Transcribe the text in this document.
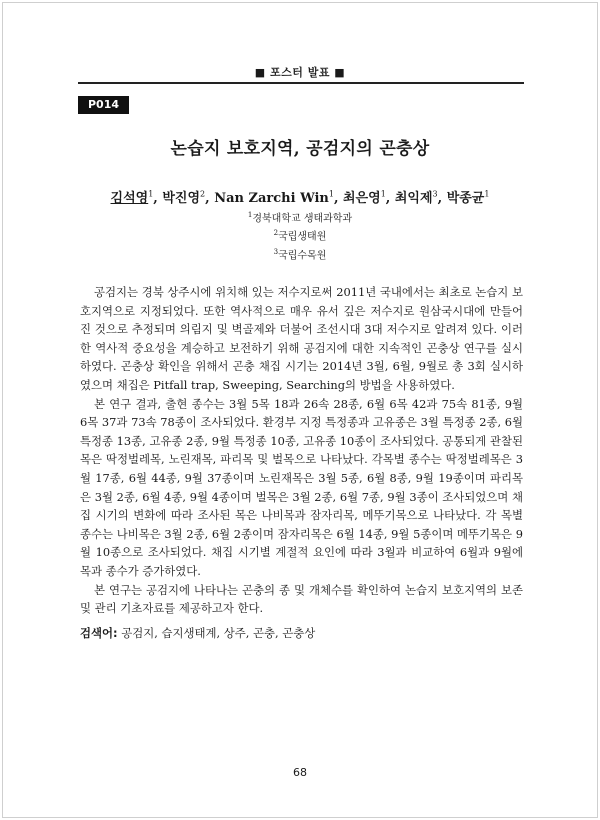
■ 포스터 발표 ■
P014
논습지 보호지역, 공검지의 곤충상
김석영$^1$, 박진영$^2$, Nan Zarchi Win$^1$, 최은영$^1$, 최익제$^3$, 박종균$^1$
$^1$경북대학교 생태과학과
$^2$국립생태원
$^3$국립수목원

공검지는 경북 상주시에 위치해 있는 저수지로써 2011년 국내에서는 최초로 논습지 보호지역으로 지정되었다. 또한 역사적으로 매우 유서 깊은 저수지로 원삼국시대에 만들어진 것으로 추정되며 의림지 및 벽골제와 더불어 조선시대 3대 저수지로 알려져 있다. 이러한 역사적 중요성을 계승하고 보전하기 위해 공검지에 대한 지속적인 곤충상 연구를 실시하였다. 곤충상 확인을 위해서 곤충 채집 시기는 2014년 3월, 6월, 9월로 총 3회 실시하였으며 채집은 Pitfall trap, Sweeping, Searching의 방법을 사용하였다.

본 연구 결과, 출현 종수는 3월 5목 18과 26속 28종, 6월 6목 42과 75속 81종, 9월 6목 37과 73속 78종이 조사되었다. 환경부 지정 특정종과 고유종은 3월 특정종 2종, 6월 특정종 13종, 고유종 2종, 9월 특정종 10종, 고유종 10종이 조사되었다. 공통되게 관찰된 목은 딱정벌레목, 노린재목, 파리목 및 벌목으로 나타났다. 각목별 종수는 딱정벌레목은 3월 17종, 6월 44종, 9월 37종이며 노린재목은 3월 5종, 6월 8종, 9월 19종이며 파리목은 3월 2종, 6월 4종, 9월 4종이며 벌목은 3월 2종, 6월 7종, 9월 3종이 조사되었으며 채집 시기의 변화에 따라 조사된 목은 나비목과 잠자리목, 메뚜기목으로 나타났다. 각 목별 종수는 나비목은 3월 2종, 6월 2종이며 잠자리목은 6월 14종, 9월 5종이며 메뚜기목은 9월 10종으로 조사되었다. 채집 시기별 계절적 요인에 따라 3월과 비교하여 6월과 9월에 목과 종수가 증가하였다.

본 연구는 공검지에 나타나는 곤충의 종 및 개체수를 확인하여 논습지 보호지역의 보존 및 관리 기초자료를 제공하고자 한다.

검색어: 공검지, 습지생태계, 상주, 곤충, 곤충상
68
